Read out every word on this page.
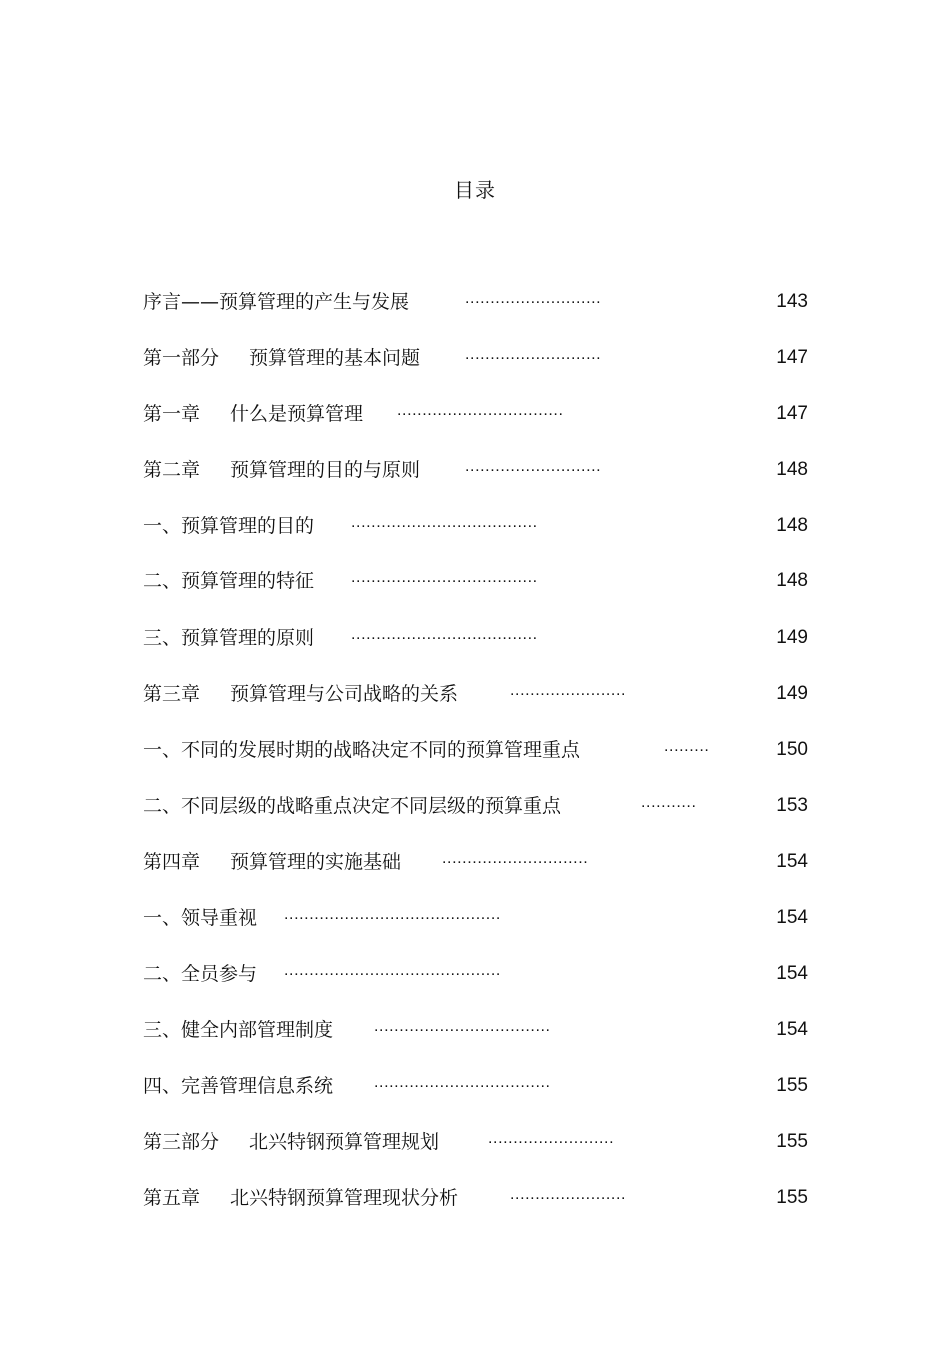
目录
序言——预算管理的产生与发展	...........................	143
第一部分 预算管理的基本问题	...........................	147
第一章 什么是预算管理 .................................	147
第二章 预算管理的目的与原则	...........................	148
一、预算管理的目的 .....................................	148
二、预算管理的特征 .....................................	148
三、预算管理的原则 .....................................	149
第三章 预算管理与公司战略的关系	.......................	149
一、不同的发展时期的战略决定不同的预算管理重点	.........	150
二、不同层级的战略重点决定不同层级的预算重点	...........	153
第四章 预算管理的实施基础	.............................	154
一、领导重视 ...........................................	154
二、全员参与 ...........................................	154
三、健全内部管理制度	...................................	154
四、完善管理信息系统	...................................	155
第三部分 北兴特钢预算管理规划	.........................	155
第五章 北兴特钢预算管理现状分析	.......................	155
